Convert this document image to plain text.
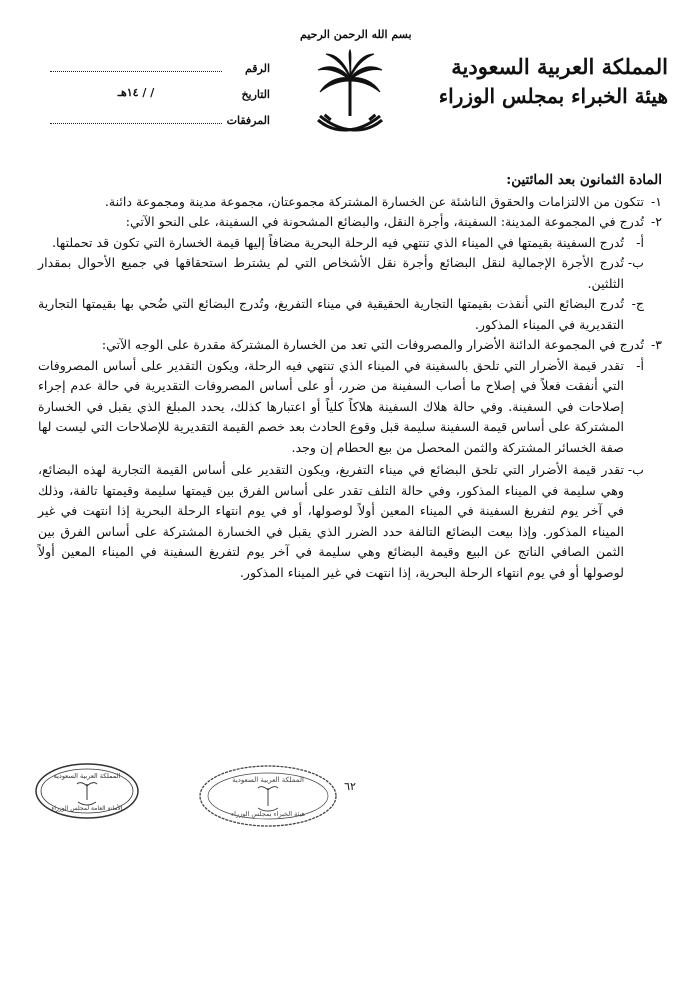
بسم الله الرحمن الرحيم
المملكة العربية السعودية
هيئة الخبراء بمجلس الوزراء
الرقم
التاريخ
/ / ١٤هـ
المرفقات

المادة الثمانون بعد المائتين:

١-
تتكون من الالتزامات والحقوق الناشئة عن الخسارة المشتركة مجموعتان، مجموعة مدينة ومجموعة دائنة.

٢-
تُدرج في المجموعة المدينة: السفينة، وأجرة النقل، والبضائع المشحونة في السفينة، على النحو الآتي:

أ-
تُدرج السفينة بقيمتها في الميناء الذي تنتهي فيه الرحلة البحرية مضافاً إليها قيمة الخسارة التي تكون قد تحملتها.

ب-
تُدرج الأجرة الإجمالية لنقل البضائع وأجرة نقل الأشخاص التي لم يشترط استحقاقها في جميع الأحوال بمقدار الثلثين.

ج-
تُدرج البضائع التي أنقذت بقيمتها التجارية الحقيقية في ميناء التفريغ، وتُدرج البضائع التي ضُحي بها بقيمتها التجارية التقديرية في الميناء المذكور.

٣-
تُدرج في المجموعة الدائنة الأضرار والمصروفات التي تعد من الخسارة المشتركة مقدرة على الوجه الآتي:

أ-
تقدر قيمة الأضرار التي تلحق بالسفينة في الميناء الذي تنتهي فيه الرحلة، ويكون التقدير على أساس المصروفات التي أنفقت فعلاً في إصلاح ما أصاب السفينة من ضرر، أو على أساس المصروفات التقديرية في حالة عدم إجراء إصلاحات في السفينة. وفي حالة هلاك السفينة هلاكاً كلياً أو اعتبارها كذلك، يحدد المبلغ الذي يقبل في الخسارة المشتركة على أساس قيمة السفينة سليمة قبل وقوع الحادث بعد خصم القيمة التقديرية للإصلاحات التي ليست لها صفة الخسائر المشتركة والثمن المحصل من بيع الحطام إن وجد.

ب-
تقدر قيمة الأضرار التي تلحق البضائع في ميناء التفريغ، ويكون التقدير على أساس القيمة التجارية لهذه البضائع، وهي سليمة في الميناء المذكور، وفي حالة التلف تقدر على أساس الفرق بين قيمتها سليمة وقيمتها تالفة، وذلك في آخر يوم لتفريغ السفينة في الميناء المعين أولاً لوصولها، أو في يوم انتهاء الرحلة البحرية إذا انتهت في غير الميناء المذكور. وإذا بيعت البضائع التالفة حدد الضرر الذي يقبل في الخسارة المشتركة على أساس الفرق بين الثمن الصافي الناتج عن البيع وقيمة البضائع وهي سليمة في آخر يوم لتفريغ السفينة في الميناء المعين أولاً لوصولها أو في يوم انتهاء الرحلة البحرية، إذا انتهت في غير الميناء المذكور.

٦٢
المملكة العربية السعودية
الأمانة العامة لمجلس الوزراء
المملكة العربية السعودية
هيئة الخبراء بمجلس الوزراء
